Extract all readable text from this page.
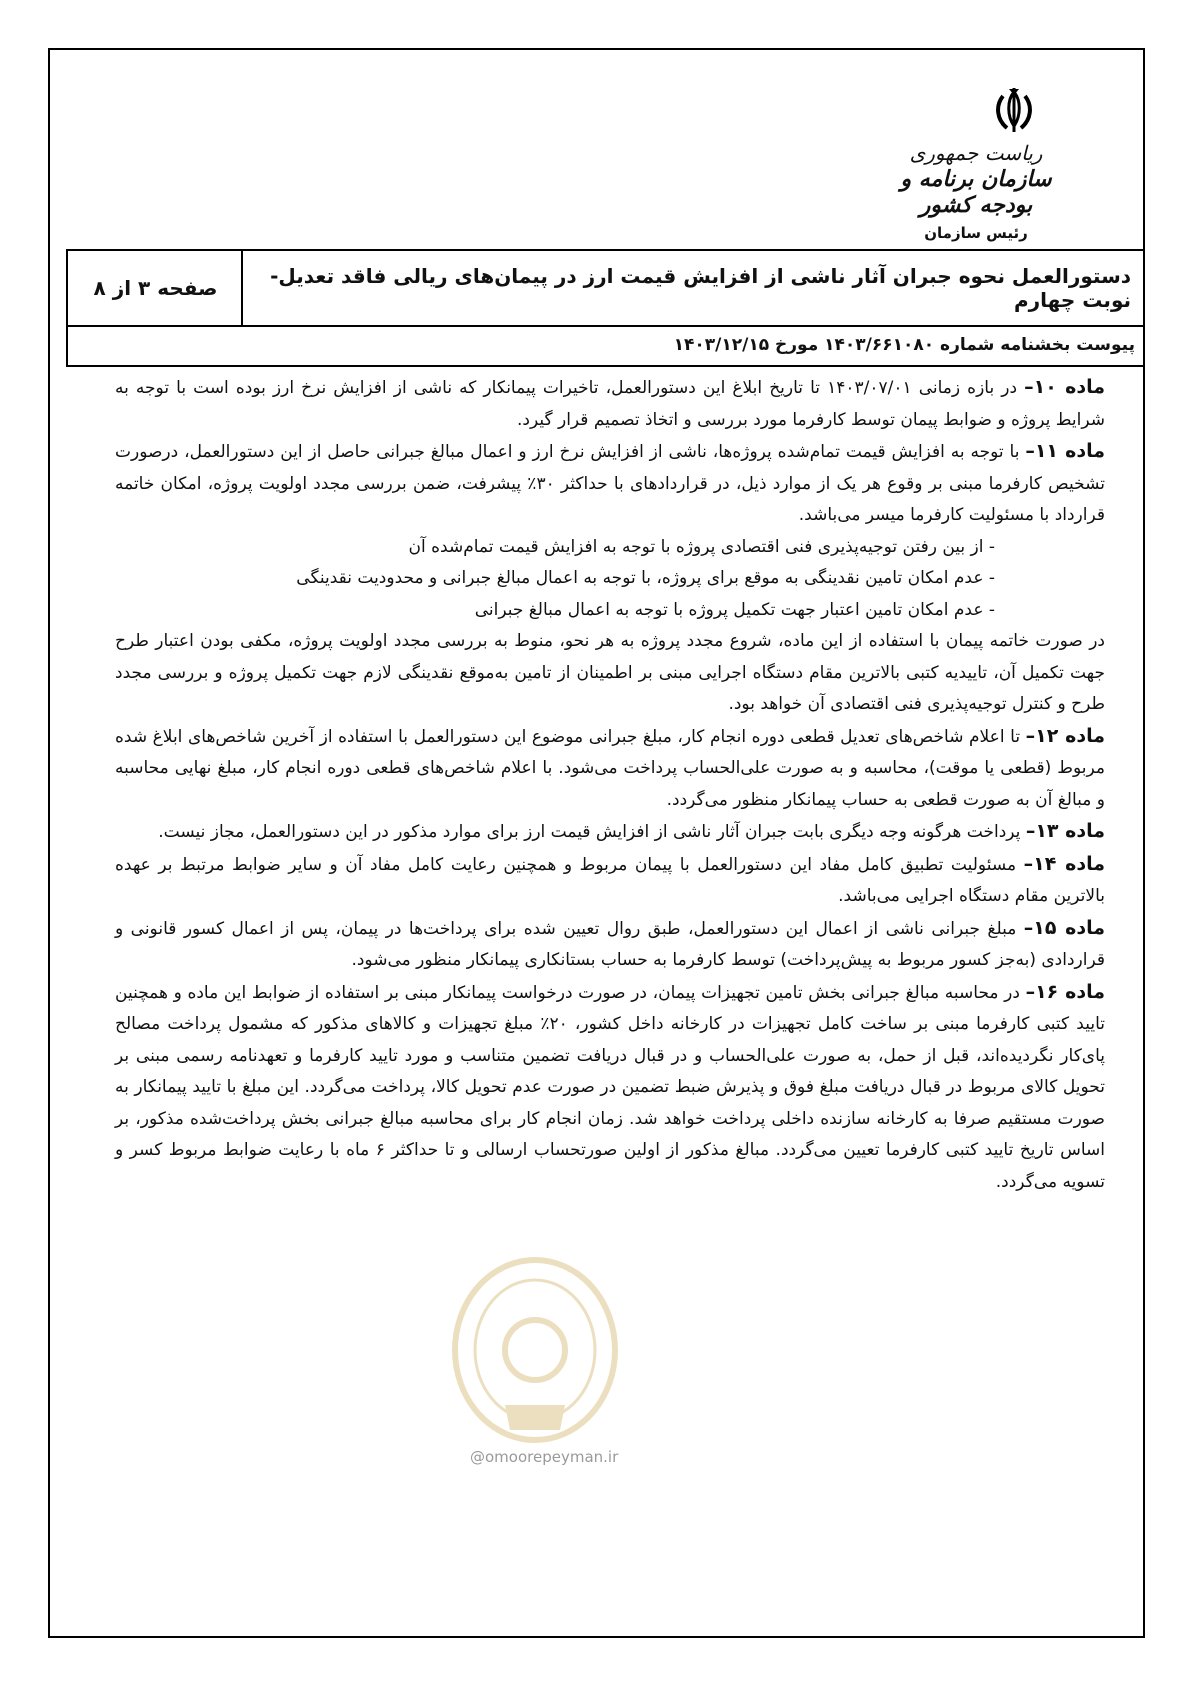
ریاست جمهوری
سازمان برنامه و بودجه کشور
رئیس سازمان
دستورالعمل نحوه جبران آثار ناشی از افزایش قیمت ارز در پیمان‌های ریالی فاقد تعدیل- نوبت چهارم
صفحه ۳ از ۸
پیوست بخشنامه شماره ۱۴۰۳/۶۶۱۰۸۰ مورخ ۱۴۰۳/۱۲/۱۵

ماده ۱۰– در بازه زمانی ۱۴۰۳/۰۷/۰۱ تا تاریخ ابلاغ این دستورالعمل، تاخیرات پیمانکار که ناشی از افزایش نرخ ارز بوده است با توجه به شرایط پروژه و ضوابط پیمان توسط کارفرما مورد بررسی و اتخاذ تصمیم قرار گیرد.

ماده ۱۱– با توجه به افزایش قیمت تمام‌شده پروژه‌ها، ناشی از افزایش نرخ ارز و اعمال مبالغ جبرانی حاصل از این دستورالعمل، درصورت تشخیص کارفرما مبنی بر وقوع هر یک از موارد ذیل، در قراردادهای با حداکثر ۳۰٪ پیشرفت، ضمن بررسی مجدد اولویت پروژه، امکان خاتمه قرارداد با مسئولیت کارفرما میسر می‌باشد.

- از بین رفتن توجیه‌پذیری فنی اقتصادی پروژه با توجه به افزایش قیمت تمام‌شده آن

- عدم امکان تامین نقدینگی به موقع برای پروژه، با توجه به اعمال مبالغ جبرانی و محدودیت نقدینگی

- عدم امکان تامین اعتبار جهت تکمیل پروژه با توجه به اعمال مبالغ جبرانی

در صورت خاتمه پیمان با استفاده از این ماده، شروع مجدد پروژه به هر نحو، منوط به بررسی مجدد اولویت پروژه، مکفی بودن اعتبار طرح جهت تکمیل آن، تاییدیه کتبی بالاترین مقام دستگاه اجرایی مبنی بر اطمینان از تامین به‌موقع نقدینگی لازم جهت تکمیل پروژه و بررسی مجدد طرح و کنترل توجیه‌پذیری فنی اقتصادی آن خواهد بود.

ماده ۱۲– تا اعلام شاخص‌های تعدیل قطعی دوره انجام کار، مبلغ جبرانی موضوع این دستورالعمل با استفاده از آخرین شاخص‌های ابلاغ شده مربوط (قطعی یا موقت)، محاسبه و به صورت علی‌الحساب پرداخت می‌شود. با اعلام شاخص‌های قطعی دوره انجام کار، مبلغ نهایی محاسبه و مبالغ آن به صورت قطعی به حساب پیمانکار منظور می‌گردد.

ماده ۱۳– پرداخت هرگونه وجه دیگری بابت جبران آثار ناشی از افزایش قیمت ارز برای موارد مذکور در این دستورالعمل، مجاز نیست.

ماده ۱۴– مسئولیت تطبیق کامل مفاد این دستورالعمل با پیمان مربوط و همچنین رعایت کامل مفاد آن و سایر ضوابط مرتبط بر عهده بالاترین مقام دستگاه اجرایی می‌باشد.

ماده ۱۵– مبلغ جبرانی ناشی از اعمال این دستورالعمل، طبق روال تعیین شده برای پرداخت‌ها در پیمان، پس از اعمال کسور قانونی و قراردادی (به‌جز کسور مربوط به پیش‌پرداخت) توسط کارفرما به حساب بستانکاری پیمانکار منظور می‌شود.

ماده ۱۶– در محاسبه مبالغ جبرانی بخش تامین تجهیزات پیمان، در صورت درخواست پیمانکار مبنی بر استفاده از ضوابط این ماده و همچنین تایید کتبی کارفرما مبنی بر ساخت کامل تجهیزات در کارخانه داخل کشور، ۲۰٪ مبلغ تجهیزات و کالاهای مذکور که مشمول پرداخت مصالح پای‌کار نگردیده‌اند، قبل از حمل، به صورت علی‌الحساب و در قبال دریافت تضمین متناسب و مورد تایید کارفرما و تعهدنامه رسمی مبنی بر تحویل کالای مربوط در قبال دریافت مبلغ فوق و پذیرش ضبط تضمین در صورت عدم تحویل کالا، پرداخت می‌گردد. این مبلغ با تایید پیمانکار به صورت مستقیم صرفا به کارخانه سازنده داخلی پرداخت خواهد شد. زمان انجام کار برای محاسبه مبالغ جبرانی بخش پرداخت‌شده مذکور، بر اساس تاریخ تایید کتبی کارفرما تعیین می‌گردد. مبالغ مذکور از اولین صورتحساب ارسالی و تا حداکثر ۶ ماه با رعایت ضوابط مربوط کسر و تسویه می‌گردد.

@omoorepeyman.ir
